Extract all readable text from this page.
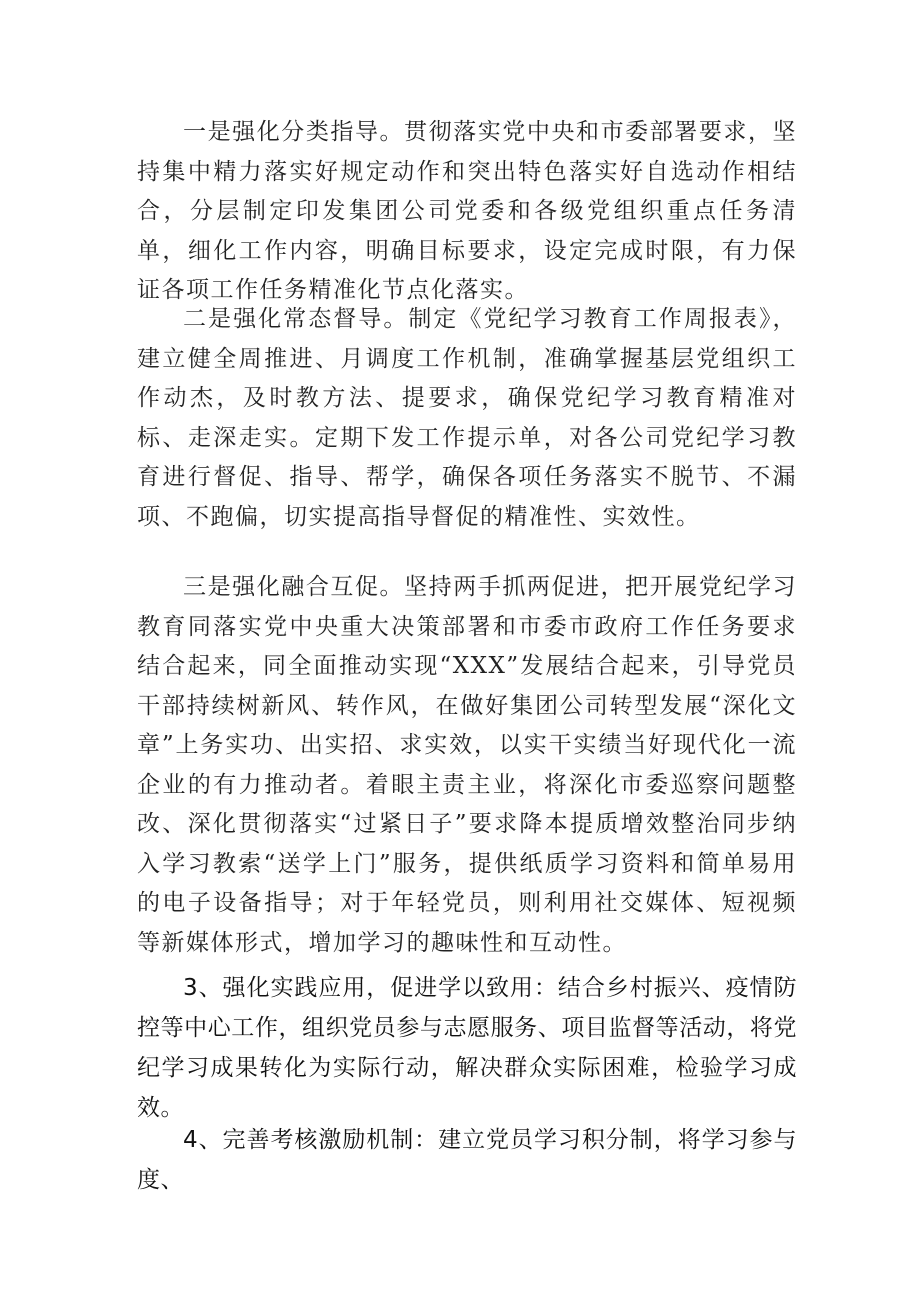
一是强化分类指导。贯彻落实党中央和市委部署要求，坚持集中精力落实好规定动作和突出特色落实好自选动作相结合，分层制定印发集团公司党委和各级党组织重点任务清单，细化工作内容，明确目标要求，设定完成时限，有力保证各项工作任务精准化节点化落实。

二是强化常态督导。制定《党纪学习教育工作周报表》，建立健全周推进、月调度工作机制，准确掌握基层党组织工作动杰，及时教方法、提要求，确保党纪学习教育精准对标、走深走实。定期下发工作提示单，对各公司党纪学习教育进行督促、指导、帮学，确保各项任务落实不脱节、不漏项、不跑偏，切实提高指导督促的精准性、实效性。

三是强化融合互促。坚持两手抓两促进，把开展党纪学习教育同落实党中央重大决策部署和市委市政府工作任务要求结合起来，同全面推动实现“XXX”发展结合起来，引导党员干部持续树新风、转作风，在做好集团公司转型发展“深化文章”上务实功、出实招、求实效，以实干实绩当好现代化一流企业的有力推动者。着眼主责主业，将深化市委巡察问题整改、深化贯彻落实“过紧日子”要求降本提质增效整治同步纳入学习教索“送学上门”服务，提供纸质学习资料和简单易用的电子设备指导；对于年轻党员，则利用社交媒体、短视频等新媒体形式，增加学习的趣味性和互动性。

3、强化实践应用，促进学以致用：结合乡村振兴、疫情防控等中心工作，组织党员参与志愿服务、项目监督等活动，将党纪学习成果转化为实际行动，解决群众实际困难，检验学习成效。

4、完善考核激励机制：建立党员学习积分制，将学习参与度、
